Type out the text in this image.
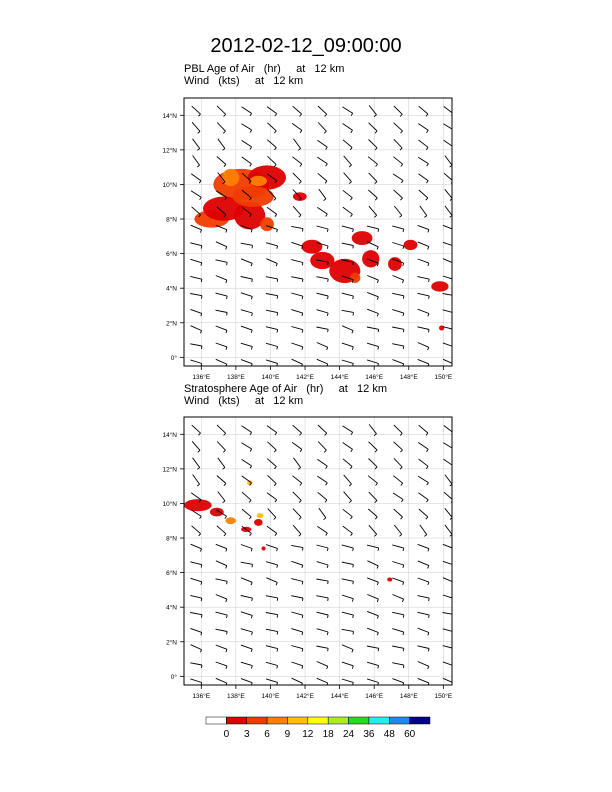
2012-02-12_09:00:00
PBL Age of Air   (hr)     at   12 km
Wind   (kts)     at   12 km
136°E	138°E	140°E	142°E	144°E	146°E	148°E	150°E
0°
2°N
4°N
6°N
8°N
10°N
12°N
14°N
Stratosphere Age of Air   (hr)     at   12 km
Wind   (kts)     at   12 km
136°E	138°E	140°E	142°E	144°E	146°E	148°E	150°E
0°
2°N
4°N
6°N
8°N
10°N
12°N
14°N
0 3 6 9 12 18 24 36 48 60
